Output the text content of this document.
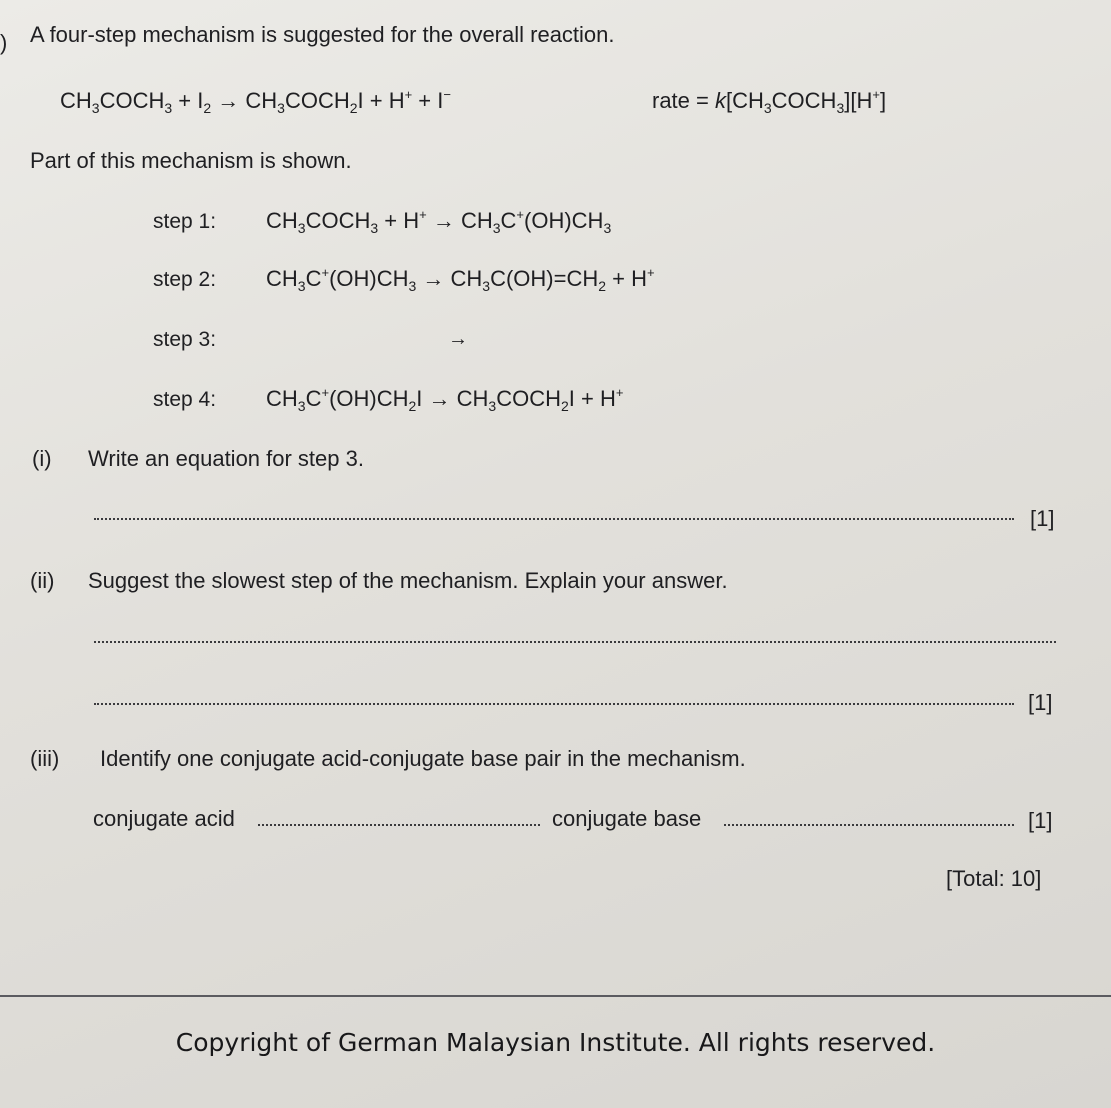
) A four-step mechanism is suggested for the overall reaction.
$CH_3COCH_3 + I_2$ → $CH_3COCH_2I + H^+ + I^-$	rate = $k[CH_3COCH_3][H^+]$
Part of this mechanism is shown.
step 1: $CH_3COCH_3 + H^+ \to CH_3C^+(OH)CH_3$
step 2: $CH_3C^+(OH)CH_3 \to CH_3C(OH)=CH_2 + H^+$
step 3:	→
step 4: $CH_3C^+(OH)CH_2I$ → $CH_3COCH_2I + H^+$
(i) Write an equation for step 3.
[1]
(ii) Suggest the slowest step of the mechanism. Explain your answer.
[1]
(iii) Identify one conjugate acid-conjugate base pair in the mechanism.
conjugate acid	conjugate base	[1]
[Total: 10]
Copyright of German Malaysian Institute. All rights reserved.
